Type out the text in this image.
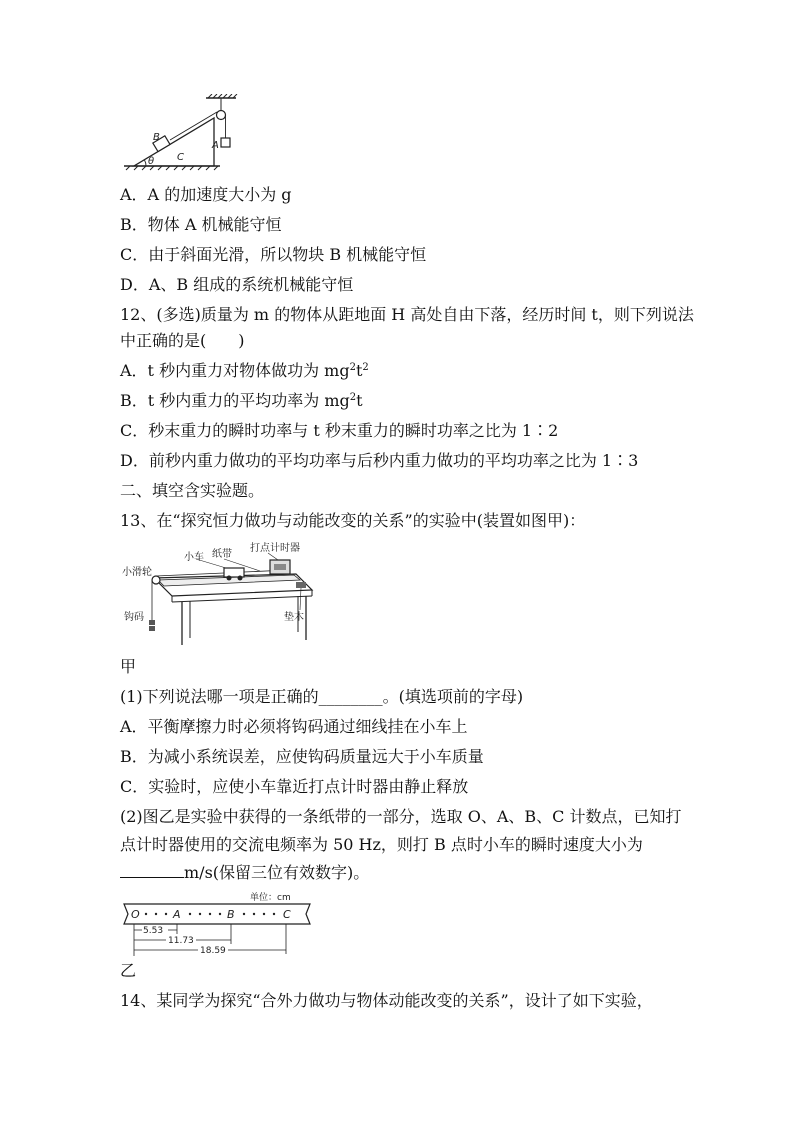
B
θ C
A
A．A 的加速度大小为 g
B．物体 A 机械能守恒
C．由于斜面光滑，所以物块 B 机械能守恒
D．A、B 组成的系统机械能守恒
12、(多选)质量为 m 的物体从距地面 H 高处自由下落，经历时间 t，则下列说法
中正确的是(　　)
A．t 秒内重力对物体做功为 $mg^2t^2$
B．t 秒内重力的平均功率为 $mg^2t$
C．秒末重力的瞬时功率与 t 秒末重力的瞬时功率之比为 1∶2
D．前秒内重力做功的平均功率与后秒内重力做功的平均功率之比为 1∶3
二、填空含实验题。
13、在“探究恒力做功与动能改变的关系”的实验中(装置如图甲)：
小滑轮
小车 纸带
打点计时器
钩码	垫木
甲
(1)下列说法哪一项是正确的________。(填选项前的字母)
A．平衡摩擦力时必须将钩码通过细线挂在小车上
B．为减小系统误差，应使钩码质量远大于小车质量
C．实验时，应使小车靠近打点计时器由静止释放
(2)图乙是实验中获得的一条纸带的一部分，选取 O、A、B、C 计数点，已知打
点计时器使用的交流电频率为 50 Hz，则打 B 点时小车的瞬时速度大小为
m/s(保留三位有效数字)。
单位：cm
O	A	B	C
5.53
11.73
18.59
乙
14、某同学为探究“合外力做功与物体动能改变的关系”，设计了如下实验，
